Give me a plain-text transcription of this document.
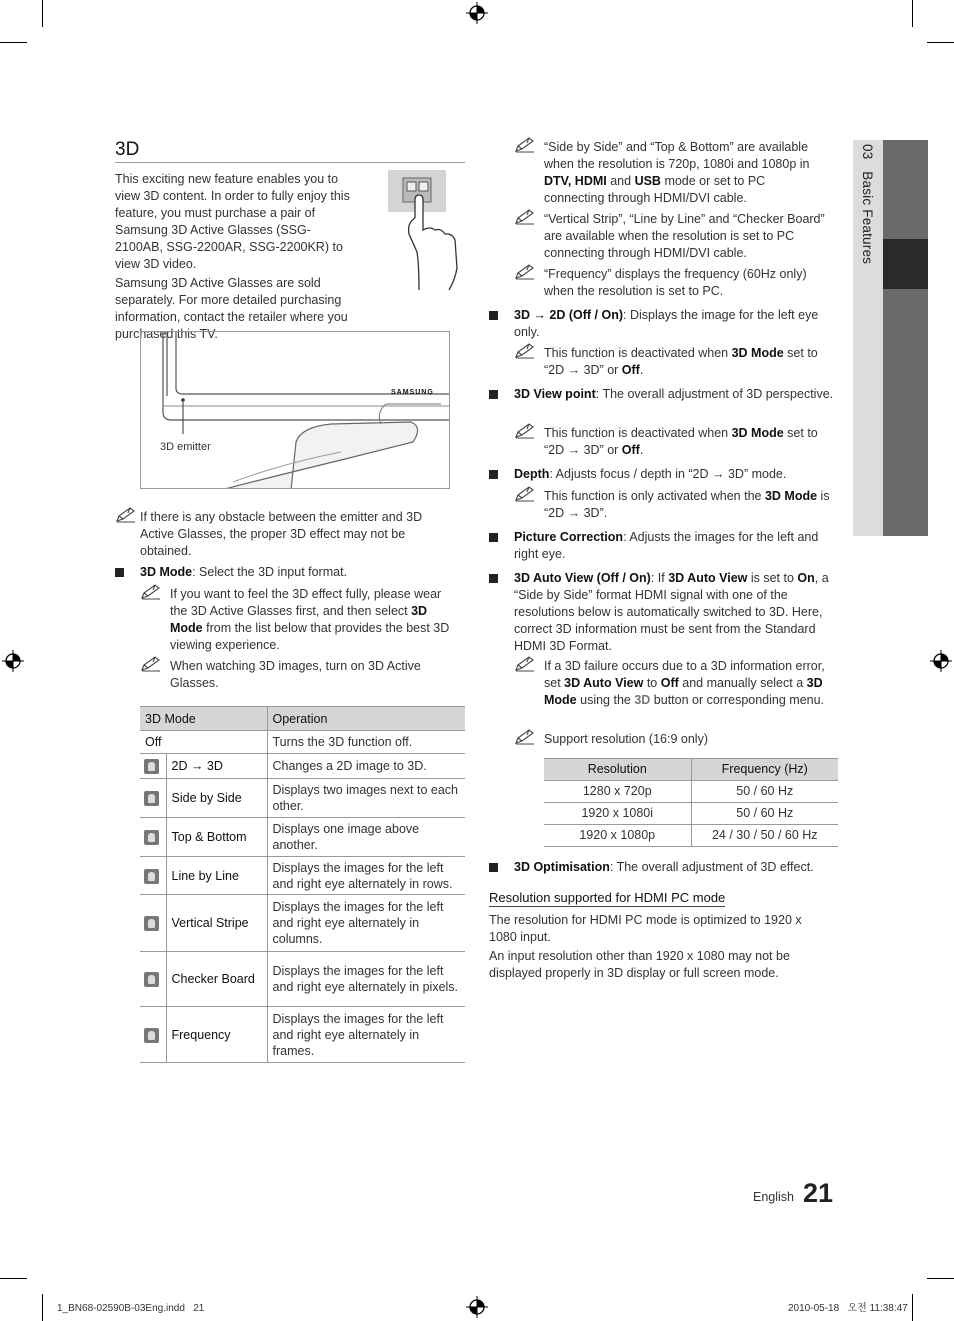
03   Basic Features
3D

This exciting new feature enables you to view 3D content. In order to fully enjoy this feature, you must purchase a pair of Samsung 3D Active Glasses (SSG-2100AB, SSG-2200AR, SSG-2200KR) to view 3D video.

Samsung 3D Active Glasses are sold separately. For more detailed purchasing information, contact the retailer where you purchased this TV.

SAMSUNG
3D emitter
If there is any obstacle between the emitter and 3D Active Glasses, the proper 3D effect may not be obtained.
3D Mode: Select the 3D input format.
If you want to feel the 3D effect fully, please wear the 3D Active Glasses first, and then select 3D Mode from the list below that provides the best 3D viewing experience.
When watching 3D images, turn on 3D Active Glasses.
3D Mode		Operation
Off		Turns the 3D function off.
	2D → 3D	Changes a 2D image to 3D.
	Side by Side	Displays two images next to each other.
	Top & Bottom	Displays one image above another.
	Line by Line	Displays the images for the left and right eye alternately in rows.
	Vertical Stripe	Displays the images for the left and right eye alternately in columns.
	Checker Board	Displays the images for the left and right eye alternately in pixels.
	Frequency	Displays the images for the left and right eye alternately in frames.
“Side by Side” and “Top & Bottom” are available when the resolution is 720p, 1080i and 1080p in DTV, HDMI and USB mode or set to PC connecting through HDMI/DVI cable.
“Vertical Strip”, “Line by Line” and “Checker Board” are available when the resolution is set to PC connecting through HDMI/DVI cable.
“Frequency” displays the frequency (60Hz only) when the resolution is set to PC.
3D → 2D (Off / On): Displays the image for the left eye only.
This function is deactivated when 3D Mode set to “2D → 3D” or Off.
3D View point: The overall adjustment of 3D perspective.
This function is deactivated when 3D Mode set to “2D → 3D” or Off.
Depth: Adjusts focus / depth in “2D → 3D” mode.
This function is only activated when the 3D Mode is “2D → 3D”.
Picture Correction: Adjusts the images for the left and right eye.
3D Auto View (Off / On): If 3D Auto View is set to On, a “Side by Side” format HDMI signal with one of the resolutions below is automatically switched to 3D. Here, correct 3D information must be sent from the Standard HDMI 3D Format.
If a 3D failure occurs due to a 3D information error, set 3D Auto View to Off and manually select a 3D Mode using the 3D button or corresponding menu.
Support resolution (16:9 only)
Resolution	Frequency (Hz)
1280 x 720p	50 / 60 Hz
1920 x 1080i	50 / 60 Hz
1920 x 1080p	24 / 30 / 50 / 60 Hz
3D Optimisation: The overall adjustment of 3D effect.
Resolution supported for HDMI PC mode

The resolution for HDMI PC mode is optimized to 1920 x 1080 input.

An input resolution other than 1920 x 1080 may not be displayed properly in 3D display or full screen mode.

English 21
1_BN68-02590B-03Eng.indd   21	2010-05-18   오전 11:38:47
